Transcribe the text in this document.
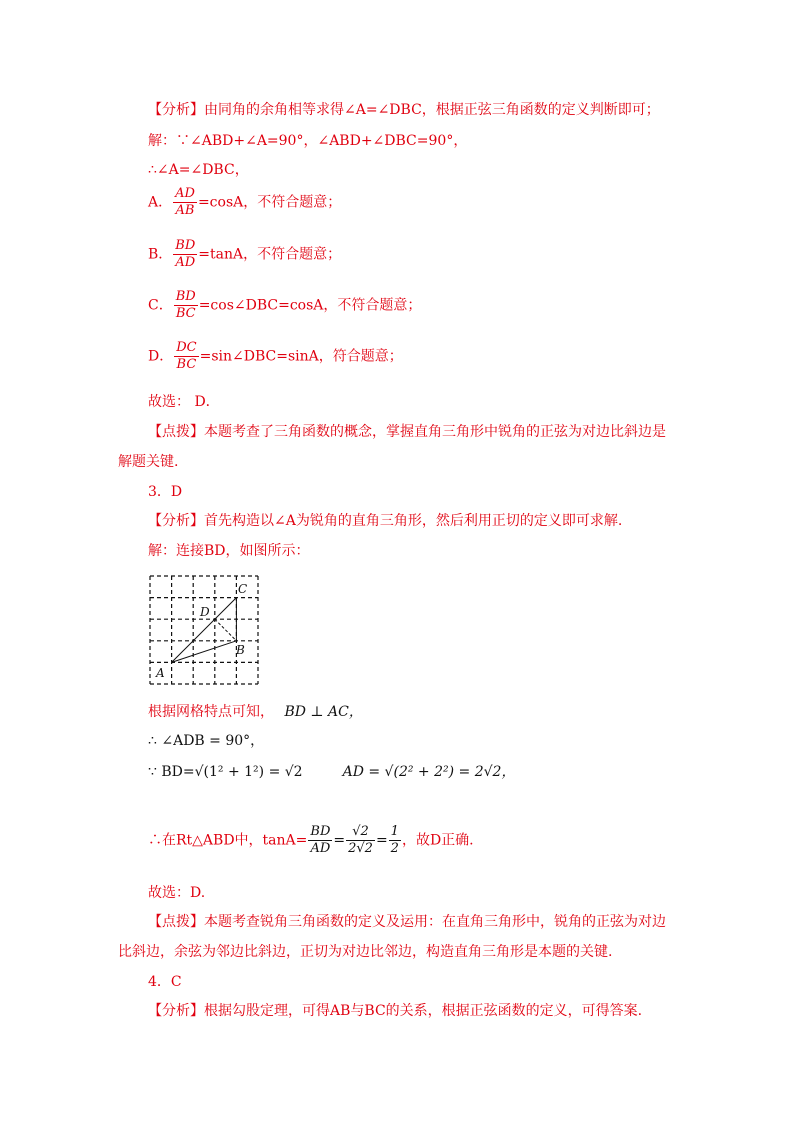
【分析】由同角的余角相等求得∠A=∠DBC，根据正弦三角函数的定义判断即可；
解：∵∠ABD+∠A=90°，∠ABD+∠DBC=90°，
∴∠A=∠DBC，
A． $\frac{AD}{AB} =\cos A$，不符合题意；
B． $\frac{BD}{AD} =\tan A$，不符合题意；
C． $\frac{BD}{BC}$ =cos∠DBC=cosA，不符合题意；
D． $\frac{DC}{BC}$ =sin∠DBC=sinA，符合题意；
故选： D．
【点拨】本题考查了三角函数的概念，掌握直角三角形中锐角的正弦为对边比斜边是
解题关键.
3．D
【分析】首先构造以∠A为锐角的直角三角形，然后利用正切的定义即可求解.
解：连接BD，如图所示：
A
B
C
D
根据网格特点可知， BD ⊥ AC，
∴ ∠ADB = 90°，
∵ BD=√(1² + 1²) = √2	AD = √(2² + 2²) = 2√2，
∴在Rt△ABD中，$\tan A= \frac{BD}{AD} = \frac{√2}{2√2} = \frac{1}{2}$ ，故D正确.
故选：D.
【点拨】本题考查锐角三角函数的定义及运用：在直角三角形中，锐角的正弦为对边
比斜边，余弦为邻边比斜边，正切为对边比邻边，构造直角三角形是本题的关键.
4．C
【分析】根据勾股定理，可得AB与BC的关系，根据正弦函数的定义，可得答案.
